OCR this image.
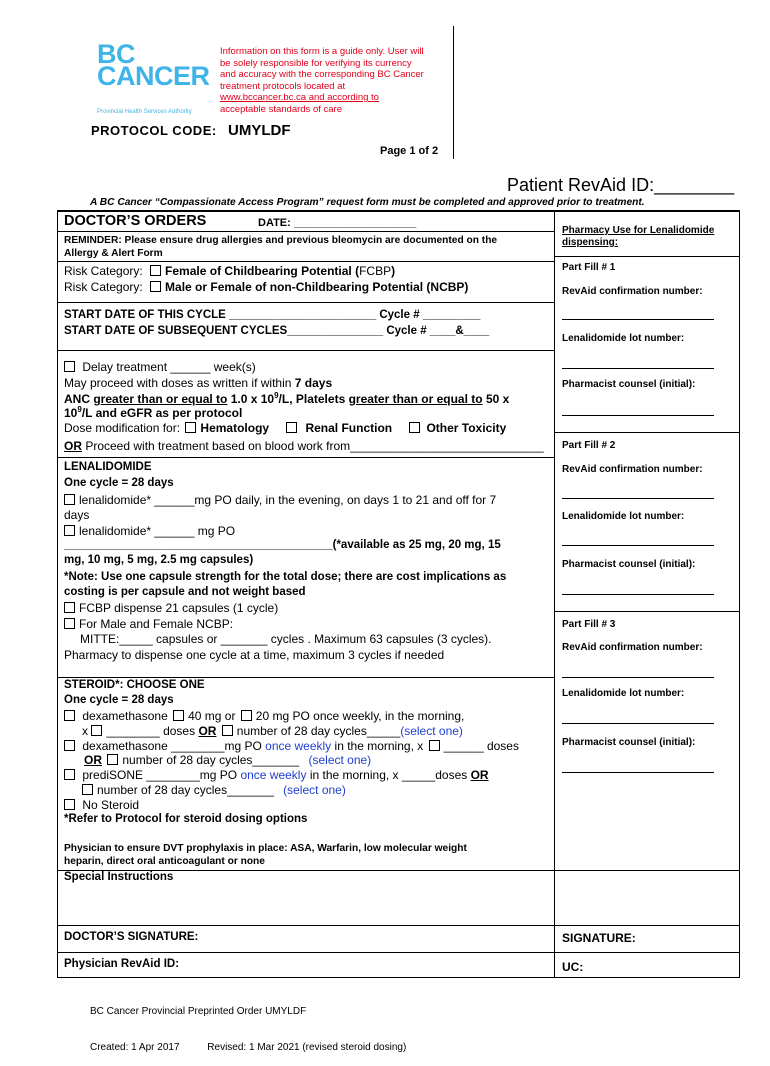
BC CANCER
Provincial Health Services Authority
Information on this form is a guide only. User will
be solely responsible for verifying its currency
and accuracy with the corresponding BC Cancer
treatment protocols located at
www.bccancer.bc.ca and according to
acceptable standards of care
PROTOCOL CODE: UMYLDF
Page 1 of 2
Patient RevAid ID:________
A BC Cancer “Compassionate Access Program” request form must be completed and approved prior to treatment.
DOCTOR’S ORDERS	DATE: ____________________
REMINDER: Please ensure drug allergies and previous bleomycin are documented on the
Allergy & Alert Form
Risk Category: Female of Childbearing Potential (FCBP)
Risk Category: Male or Female of non-Childbearing Potential (NCBP)
START DATE OF THIS CYCLE _______________________ Cycle # _________
START DATE OF SUBSEQUENT CYCLES_______________ Cycle # ____&____
Delay treatment ______ week(s)
May proceed with doses as written if within 7 days
ANC greater than or equal to 1.0 x $10^9/L$, Platelets greater than or equal to 50 x
$10^9/L$ and eGFR as per protocol
Dose modification for: Hematology	Renal Function	Other Toxicity
OR Proceed with treatment based on blood work from_____________________________
LENALIDOMIDE
One cycle = 28 days
lenalidomide* ______mg PO daily, in the evening, on days 1 to 21 and off for 7
days
lenalidomide* ______ mg PO
__________________________________________(*available as 25 mg, 20 mg, 15
mg, 10 mg, 5 mg, 2.5 mg capsules)
*Note: Use one capsule strength for the total dose; there are cost implications as
costing is per capsule and not weight based
FCBP dispense 21 capsules (1 cycle)
For Male and Female NCBP:
MITTE:_____ capsules or _______ cycles . Maximum 63 capsules (3 cycles).
Pharmacy to dispense one cycle at a time, maximum 3 cycles if needed
STEROID*: CHOOSE ONE
One cycle = 28 days
dexamethasone 40 mg or 20 mg PO once weekly, in the morning,
x ________ doses OR number of 28 day cycles_____(select one)
dexamethasone ________mg PO once weekly in the morning, x ______ doses
OR number of 28 day cycles_______ (select one)
prediSONE ________mg PO once weekly in the morning, x _____doses OR
number of 28 day cycles_______ (select one)
No Steroid
*Refer to Protocol for steroid dosing options
Physician to ensure DVT prophylaxis in place: ASA, Warfarin, low molecular weight
heparin, direct oral anticoagulant or none
Special Instructions
DOCTOR’S SIGNATURE:
Physician RevAid ID:
SIGNATURE:
UC:
Pharmacy Use for Lenalidomide
dispensing:
Part Fill # 1
RevAid confirmation number:
Lenalidomide lot number:
Pharmacist counsel (initial):
Part Fill # 2
RevAid confirmation number:
Lenalidomide lot number:
Pharmacist counsel (initial):
Part Fill # 3
RevAid confirmation number:
Lenalidomide lot number:
Pharmacist counsel (initial):

BC Cancer Provincial Preprinted Order UMYLDF

Created: 1 Apr 2017          Revised: 1 Mar 2021 (revised steroid dosing)
